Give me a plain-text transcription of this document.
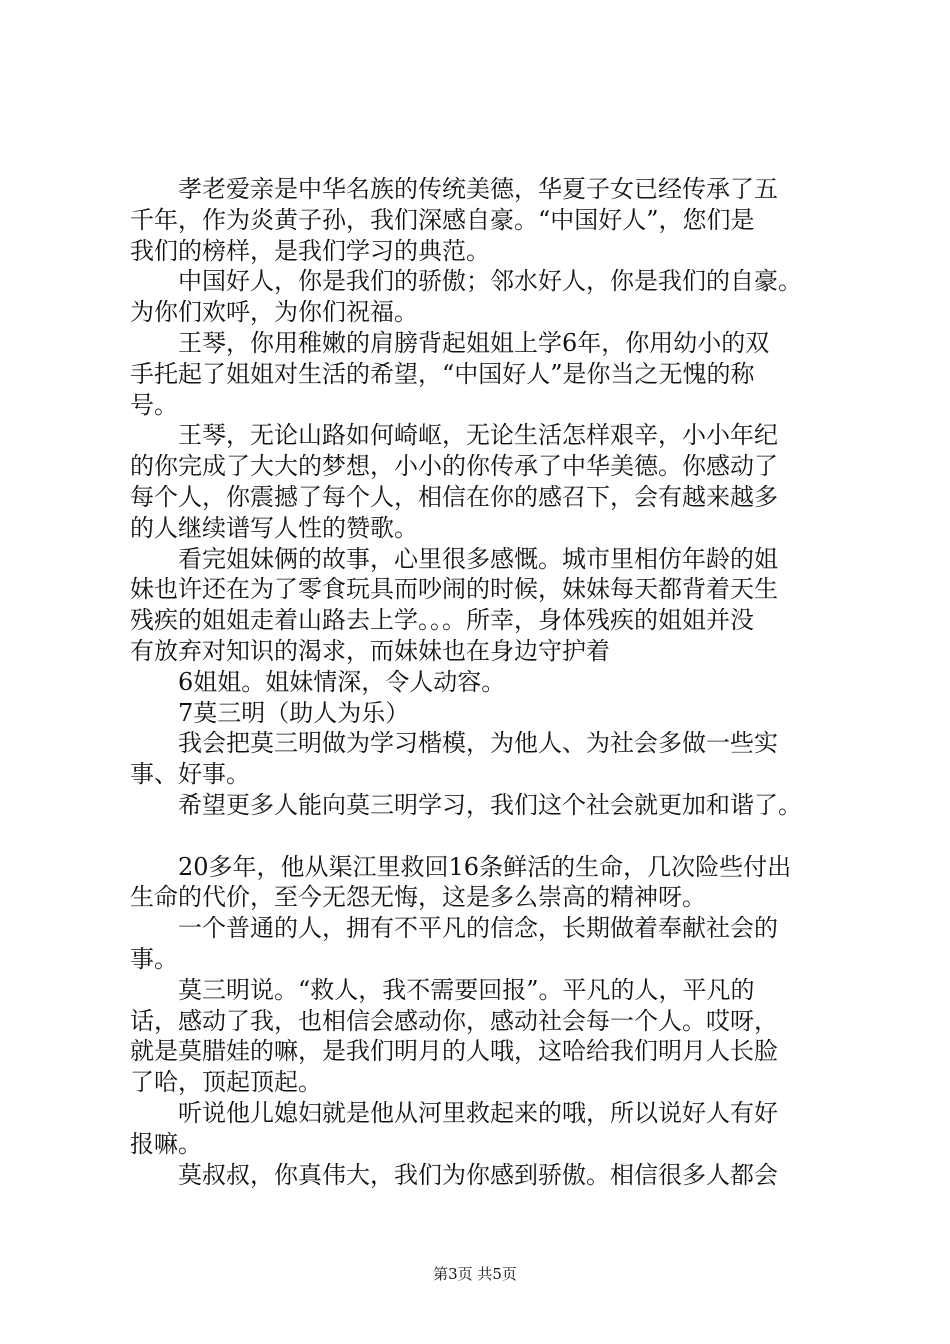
孝老爱亲是中华名族的传统美德，华夏子女已经传承了五
千年，作为炎黄子孙，我们深感自豪。“中国好人”，您们是
我们的榜样，是我们学习的典范。
中国好人，你是我们的骄傲；邻水好人，你是我们的自豪。
为你们欢呼，为你们祝福。
王琴，你用稚嫩的肩膀背起姐姐上学6年，你用幼小的双
手托起了姐姐对生活的希望，“中国好人”是你当之无愧的称
号。
王琴，无论山路如何崎岖，无论生活怎样艰辛，小小年纪
的你完成了大大的梦想，小小的你传承了中华美德。你感动了
每个人，你震撼了每个人，相信在你的感召下，会有越来越多
的人继续谱写人性的赞歌。
看完姐妹俩的故事，心里很多感慨。城市里相仿年龄的姐
妹也许还在为了零食玩具而吵闹的时候，妹妹每天都背着天生
残疾的姐姐走着山路去上学。。。所幸，身体残疾的姐姐并没
有放弃对知识的渴求，而妹妹也在身边守护着
6姐姐。姐妹情深，令人动容。
7莫三明（助人为乐）
我会把莫三明做为学习楷模，为他人、为社会多做一些实
事、好事。
希望更多人能向莫三明学习，我们这个社会就更加和谐了。
20多年，他从渠江里救回16条鲜活的生命，几次险些付出
生命的代价，至今无怨无悔，这是多么崇高的精神呀。
一个普通的人，拥有不平凡的信念，长期做着奉献社会的
事。
莫三明说。“救人，我不需要回报”。平凡的人，平凡的
话，感动了我，也相信会感动你，感动社会每一个人。哎呀，
就是莫腊娃的嘛，是我们明月的人哦，这哈给我们明月人长脸
了哈，顶起顶起。
听说他儿媳妇就是他从河里救起来的哦，所以说好人有好
报嘛。
莫叔叔，你真伟大，我们为你感到骄傲。相信很多人都会
第3页 共5页
